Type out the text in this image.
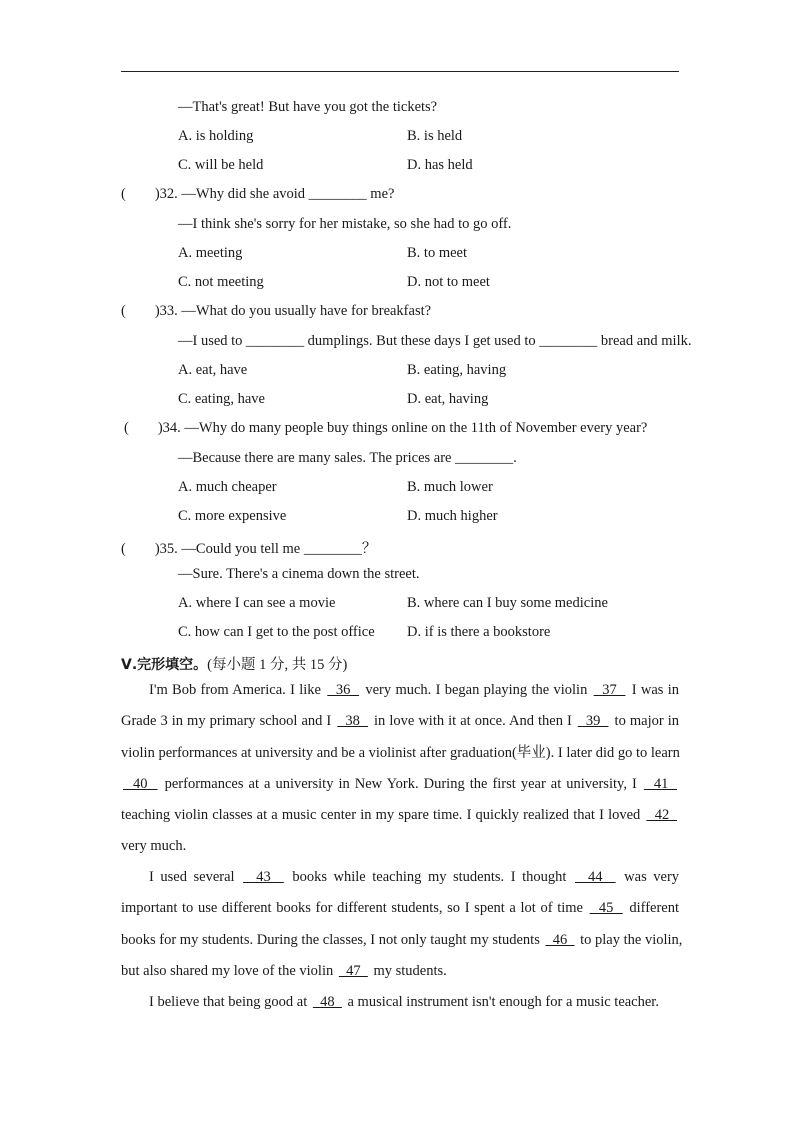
—That's great! But have you got the tickets?
A. is holding	B. is held
C. will be held	D. has held
(        )32. —Why did she avoid ________ me?
—I think she's sorry for her mistake, so she had to go off.
A. meeting	B. to meet
C. not meeting	D. not to meet
(        )33. —What do you usually have for breakfast?
—I used to ________ dumplings. But these days I get used to ________ bread and milk.
A. eat, have	B. eating, having
C. eating, have	D. eat, having
(        )34. —Why do many people buy things online on the 11th of November every year?
—Because there are many sales. The prices are ________.
A. much cheaper	B. much lower
C. more expensive	D. much higher
(        )35. —Could you tell me ________？
—Sure. There's a cinema down the street.
A. where I can see a movie	B. where can I buy some medicine
C. how can I get to the post office D. if is there a bookstore
Ⅴ.完形填空。(每小题 1 分, 共 15 分)
I'm Bob from America. I like   36   very much. I began playing the violin   37   I was in
Grade 3 in my primary school and I   38   in love with it at once. And then I   39   to major in
violin performances at university and be a violinist after graduation(毕业). I later did go to learn
40   performances at a university in New York. During the first year at university, I   41
teaching violin classes at a music center in my spare time. I quickly realized that I loved   42
very much.
I used several   43   books while teaching my students. I thought   44   was very
important to use different books for different students, so I spent a lot of time   45   different
books for my students. During the classes, I not only taught my students   46   to play the violin,
but also shared my love of the violin   47   my students.
I believe that being good at   48   a musical instrument isn't enough for a music teacher.
